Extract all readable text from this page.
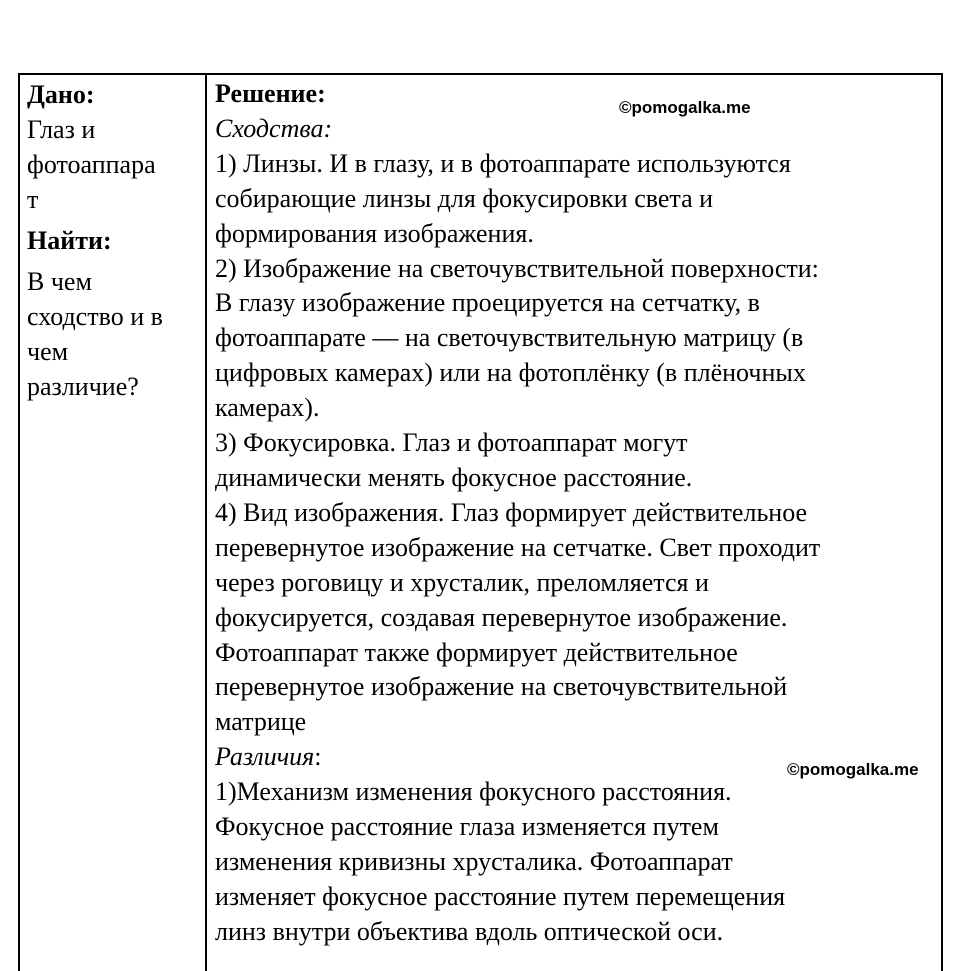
Дано:

Глаз и
фотоаппара
т

Найти:

В чем
сходство и в
чем
различие?

Решение:

Сходства:

1) Линзы. И в глазу, и в фотоаппарате используются
собирающие линзы для фокусировки света и
формирования изображения.
2) Изображение на светочувствительной поверхности:
В глазу изображение проецируется на сетчатку, в
фотоаппарате — на светочувствительную матрицу (в
цифровых камерах) или на фотоплёнку (в плёночных
камерах).
3) Фокусировка. Глаз и фотоаппарат могут
динамически менять фокусное расстояние.
4) Вид изображения. Глаз формирует действительное
перевернутое изображение на сетчатке. Свет проходит
через роговицу и хрусталик, преломляется и
фокусируется, создавая перевернутое изображение.
Фотоаппарат также формирует действительное
перевернутое изображение на светочувствительной
матрице

Различия:

1)Механизм изменения фокусного расстояния.
Фокусное расстояние глаза изменяется путем
изменения кривизны хрусталика. Фотоаппарат
изменяет фокусное расстояние путем перемещения
линз внутри объектива вдоль оптической оси.
©pomogalka.me
©pomogalka.me
